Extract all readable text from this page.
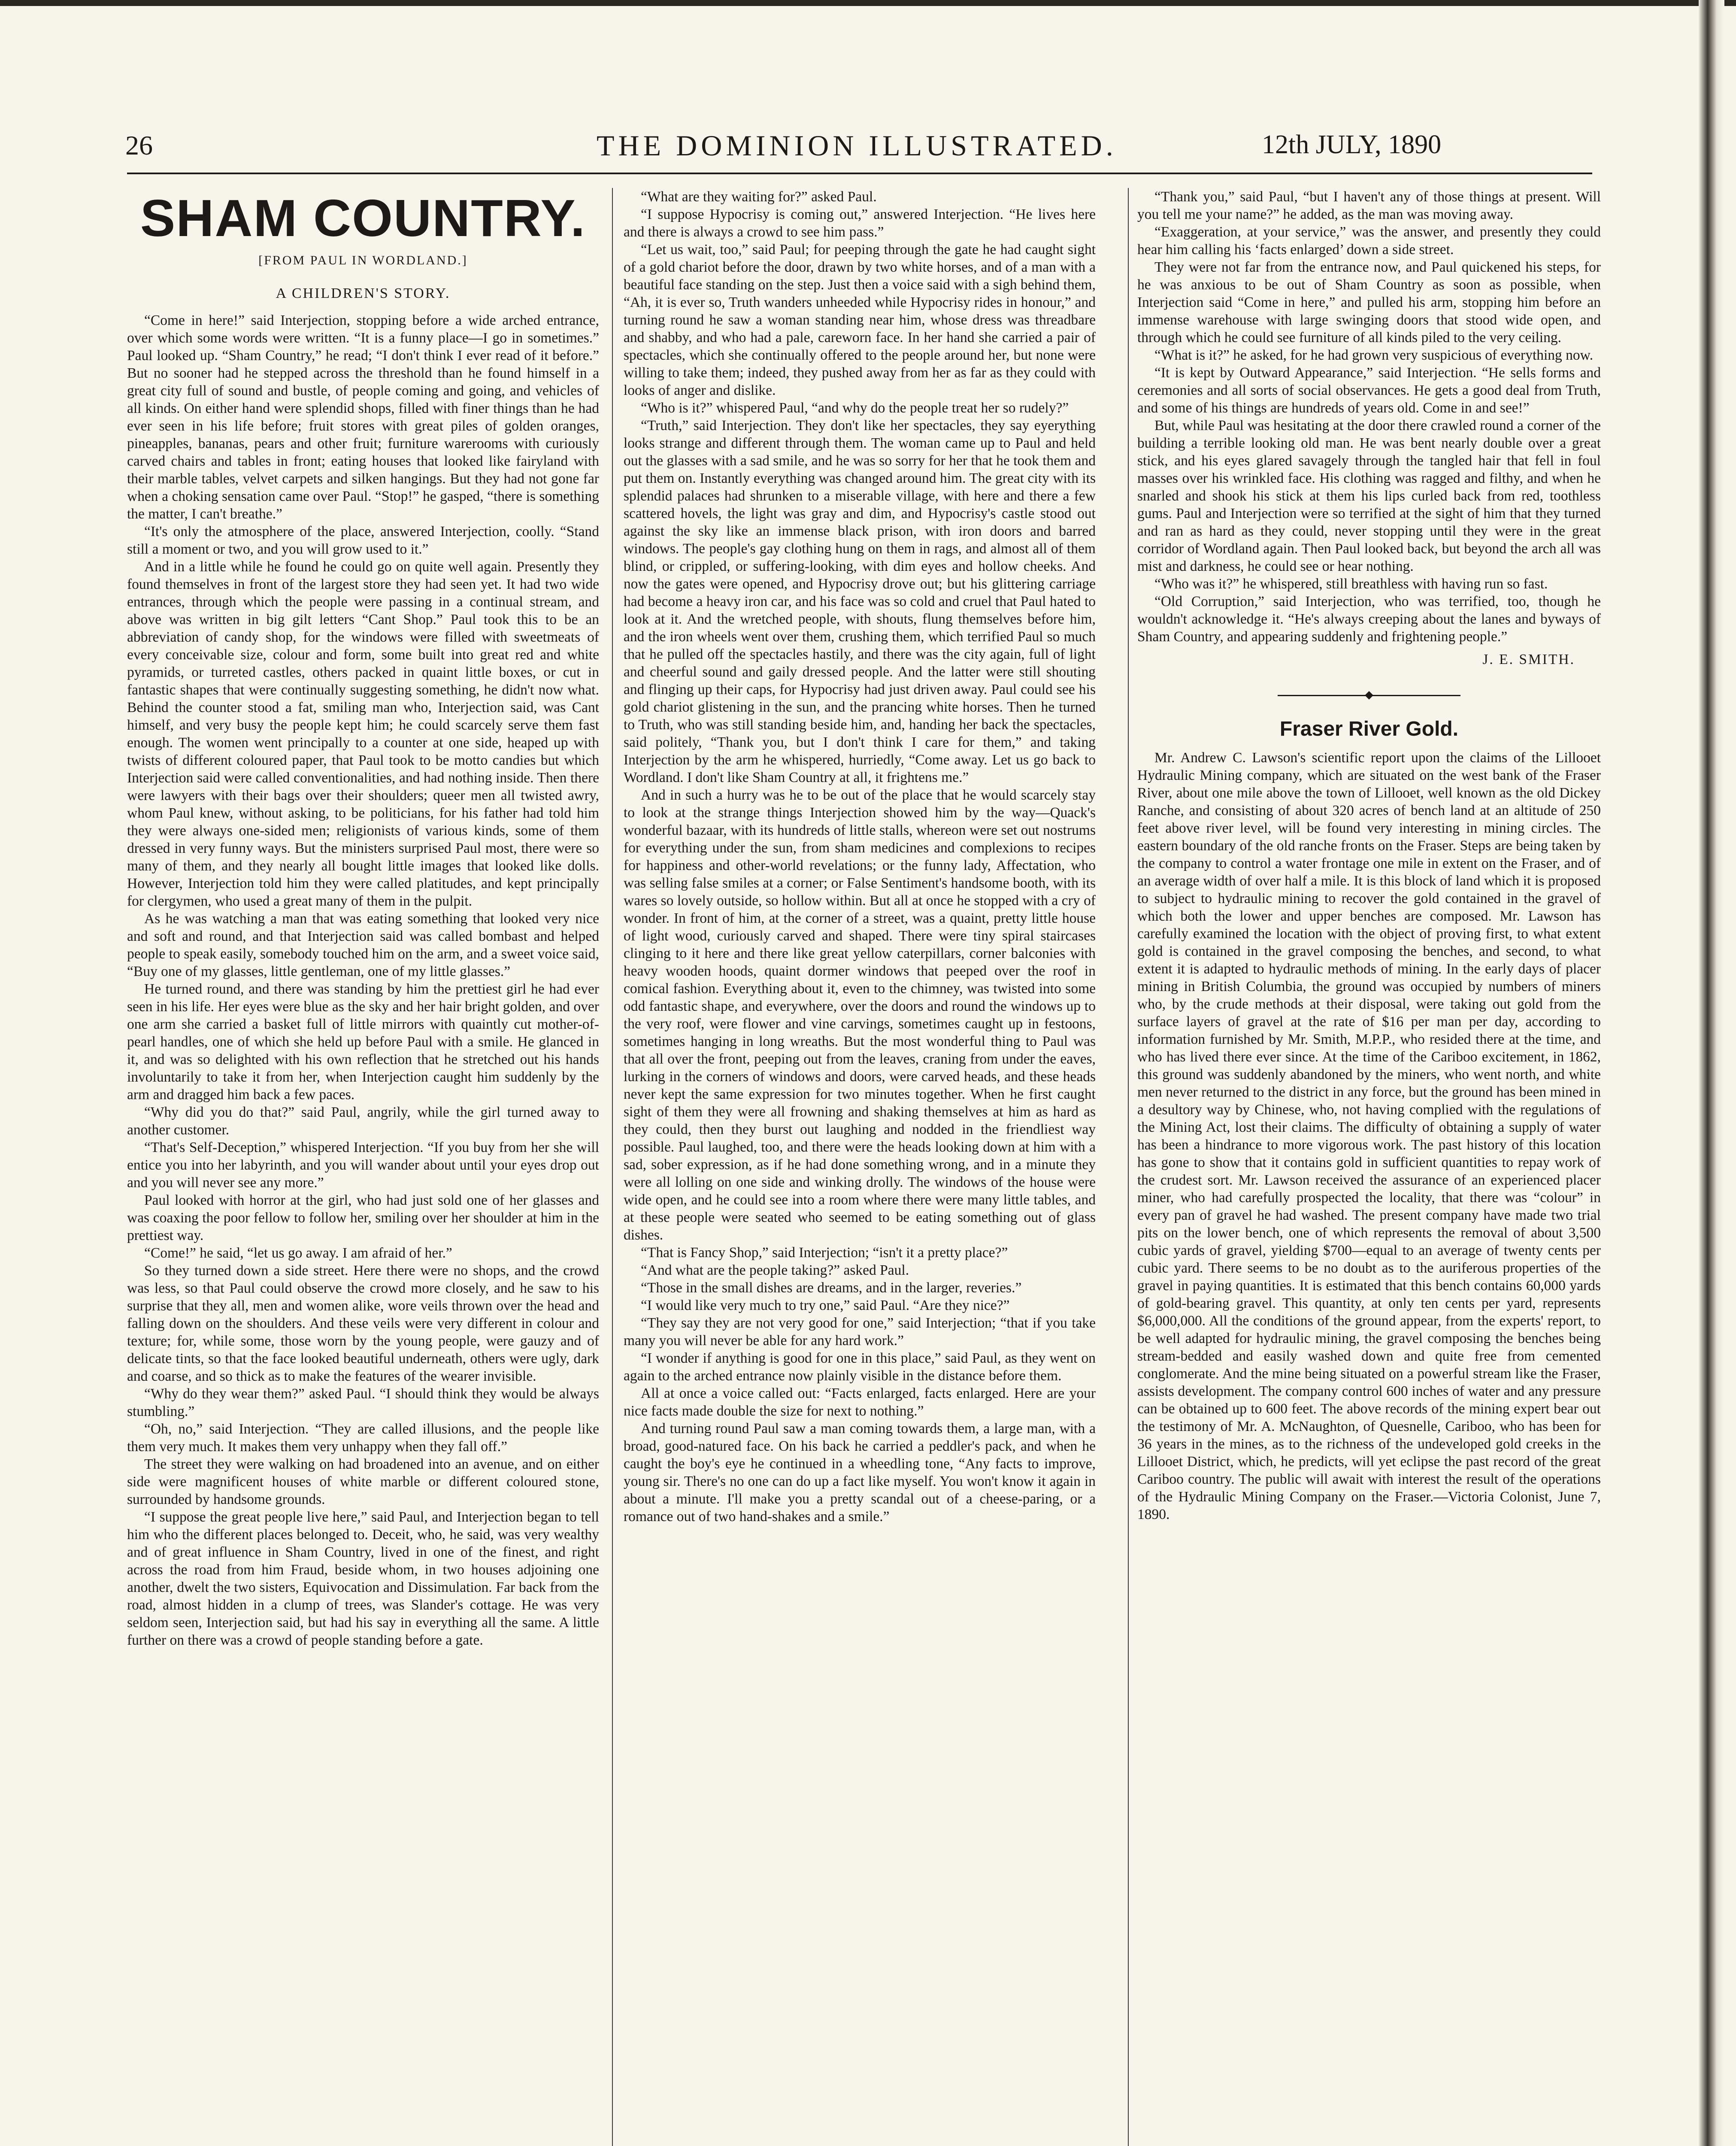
26	THE DOMINION ILLUSTRATED.	12th JULY, 1890
SHAM COUNTRY.
[FROM PAUL IN WORDLAND.]
A CHILDREN'S STORY.

“Come in here!” said Interjection, stopping before a wide arched entrance, over which some words were written. “It is a funny place—I go in sometimes.” Paul looked up. “Sham Country,” he read; “I don't think I ever read of it before.” But no sooner had he stepped across the threshold than he found himself in a great city full of sound and bustle, of people coming and going, and vehicles of all kinds. On either hand were splendid shops, filled with finer things than he had ever seen in his life before; fruit stores with great piles of golden oranges, pineapples, bananas, pears and other fruit; furniture warerooms with curiously carved chairs and tables in front; eating houses that looked like fairyland with their marble tables, velvet carpets and silken hangings. But they had not gone far when a choking sensation came over Paul. “Stop!” he gasped, “there is something the matter, I can't breathe.”

“It's only the atmosphere of the place, answered Interjection, coolly. “Stand still a moment or two, and you will grow used to it.”

And in a little while he found he could go on quite well again. Presently they found themselves in front of the largest store they had seen yet. It had two wide entrances, through which the people were passing in a continual stream, and above was written in big gilt letters “Cant Shop.” Paul took this to be an abbreviation of candy shop, for the windows were filled with sweetmeats of every conceivable size, colour and form, some built into great red and white pyramids, or turreted castles, others packed in quaint little boxes, or cut in fantastic shapes that were continually suggesting something, he didn't now what. Behind the counter stood a fat, smiling man who, Interjection said, was Cant himself, and very busy the people kept him; he could scarcely serve them fast enough. The women went principally to a counter at one side, heaped up with twists of different coloured paper, that Paul took to be motto candies but which Interjection said were called conventionalities, and had nothing inside. Then there were lawyers with their bags over their shoulders; queer men all twisted awry, whom Paul knew, without asking, to be politicians, for his father had told him they were always one-sided men; religionists of various kinds, some of them dressed in very funny ways. But the ministers surprised Paul most, there were so many of them, and they nearly all bought little images that looked like dolls. However, Interjection told him they were called platitudes, and kept principally for clergymen, who used a great many of them in the pulpit.

As he was watching a man that was eating something that looked very nice and soft and round, and that Interjection said was called bombast and helped people to speak easily, somebody touched him on the arm, and a sweet voice said, “Buy one of my glasses, little gentleman, one of my little glasses.”

He turned round, and there was standing by him the prettiest girl he had ever seen in his life. Her eyes were blue as the sky and her hair bright golden, and over one arm she carried a basket full of little mirrors with quaintly cut mother-of-pearl handles, one of which she held up before Paul with a smile. He glanced in it, and was so delighted with his own reflection that he stretched out his hands involuntarily to take it from her, when Interjection caught him suddenly by the arm and dragged him back a few paces.

“Why did you do that?” said Paul, angrily, while the girl turned away to another customer.

“That's Self-Deception,” whispered Interjection. “If you buy from her she will entice you into her labyrinth, and you will wander about until your eyes drop out and you will never see any more.”

Paul looked with horror at the girl, who had just sold one of her glasses and was coaxing the poor fellow to follow her, smiling over her shoulder at him in the prettiest way.

“Come!” he said, “let us go away. I am afraid of her.”

So they turned down a side street. Here there were no shops, and the crowd was less, so that Paul could observe the crowd more closely, and he saw to his surprise that they all, men and women alike, wore veils thrown over the head and falling down on the shoulders. And these veils were very different in colour and texture; for, while some, those worn by the young people, were gauzy and of delicate tints, so that the face looked beautiful underneath, others were ugly, dark and coarse, and so thick as to make the features of the wearer invisible.

“Why do they wear them?” asked Paul. “I should think they would be always stumbling.”

“Oh, no,” said Interjection. “They are called illusions, and the people like them very much. It makes them very unhappy when they fall off.”

The street they were walking on had broadened into an avenue, and on either side were magnificent houses of white marble or different coloured stone, surrounded by handsome grounds.

“I suppose the great people live here,” said Paul, and Interjection began to tell him who the different places belonged to. Deceit, who, he said, was very wealthy and of great influence in Sham Country, lived in one of the finest, and right across the road from him Fraud, beside whom, in two houses adjoining one another, dwelt the two sisters, Equivocation and Dissimulation. Far back from the road, almost hidden in a clump of trees, was Slander's cottage. He was very seldom seen, Interjection said, but had his say in everything all the same. A little further on there was a crowd of people standing before a gate.

“What are they waiting for?” asked Paul.

“I suppose Hypocrisy is coming out,” answered Interjection. “He lives here and there is always a crowd to see him pass.”

“Let us wait, too,” said Paul; for peeping through the gate he had caught sight of a gold chariot before the door, drawn by two white horses, and of a man with a beautiful face standing on the step. Just then a voice said with a sigh behind them, “Ah, it is ever so, Truth wanders unheeded while Hypocrisy rides in honour,” and turning round he saw a woman standing near him, whose dress was threadbare and shabby, and who had a pale, careworn face. In her hand she carried a pair of spectacles, which she continually offered to the people around her, but none were willing to take them; indeed, they pushed away from her as far as they could with looks of anger and dislike.

“Who is it?” whispered Paul, “and why do the people treat her so rudely?”

“Truth,” said Interjection. They don't like her spectacles, they say eyerything looks strange and different through them. The woman came up to Paul and held out the glasses with a sad smile, and he was so sorry for her that he took them and put them on. Instantly everything was changed around him. The great city with its splendid palaces had shrunken to a miserable village, with here and there a few scattered hovels, the light was gray and dim, and Hypocrisy's castle stood out against the sky like an immense black prison, with iron doors and barred windows. The people's gay clothing hung on them in rags, and almost all of them blind, or crippled, or suffering-looking, with dim eyes and hollow cheeks. And now the gates were opened, and Hypocrisy drove out; but his glittering carriage had become a heavy iron car, and his face was so cold and cruel that Paul hated to look at it. And the wretched people, with shouts, flung themselves before him, and the iron wheels went over them, crushing them, which terrified Paul so much that he pulled off the spectacles hastily, and there was the city again, full of light and cheerful sound and gaily dressed people. And the latter were still shouting and flinging up their caps, for Hypocrisy had just driven away. Paul could see his gold chariot glistening in the sun, and the prancing white horses. Then he turned to Truth, who was still standing beside him, and, handing her back the spectacles, said politely, “Thank you, but I don't think I care for them,” and taking Interjection by the arm he whispered, hurriedly, “Come away. Let us go back to Wordland. I don't like Sham Country at all, it frightens me.”

And in such a hurry was he to be out of the place that he would scarcely stay to look at the strange things Interjection showed him by the way—Quack's wonderful bazaar, with its hundreds of little stalls, whereon were set out nostrums for everything under the sun, from sham medicines and complexions to recipes for happiness and other-world revelations; or the funny lady, Affectation, who was selling false smiles at a corner; or False Sentiment's handsome booth, with its wares so lovely outside, so hollow within. But all at once he stopped with a cry of wonder. In front of him, at the corner of a street, was a quaint, pretty little house of light wood, curiously carved and shaped. There were tiny spiral staircases clinging to it here and there like great yellow caterpillars, corner balconies with heavy wooden hoods, quaint dormer windows that peeped over the roof in comical fashion. Everything about it, even to the chimney, was twisted into some odd fantastic shape, and everywhere, over the doors and round the windows up to the very roof, were flower and vine carvings, sometimes caught up in festoons, sometimes hanging in long wreaths. But the most wonderful thing to Paul was that all over the front, peeping out from the leaves, craning from under the eaves, lurking in the corners of windows and doors, were carved heads, and these heads never kept the same expression for two minutes together. When he first caught sight of them they were all frowning and shaking themselves at him as hard as they could, then they burst out laughing and nodded in the friendliest way possible. Paul laughed, too, and there were the heads looking down at him with a sad, sober expression, as if he had done something wrong, and in a minute they were all lolling on one side and winking drolly. The windows of the house were wide open, and he could see into a room where there were many little tables, and at these people were seated who seemed to be eating something out of glass dishes.

“That is Fancy Shop,” said Interjection; “isn't it a pretty place?”

“And what are the people taking?” asked Paul.

“Those in the small dishes are dreams, and in the larger, reveries.”

“I would like very much to try one,” said Paul. “Are they nice?”

“They say they are not very good for one,” said Interjection; “that if you take many you will never be able for any hard work.”

“I wonder if anything is good for one in this place,” said Paul, as they went on again to the arched entrance now plainly visible in the distance before them.

All at once a voice called out: “Facts enlarged, facts enlarged. Here are your nice facts made double the size for next to nothing.”

And turning round Paul saw a man coming towards them, a large man, with a broad, good-natured face. On his back he carried a peddler's pack, and when he caught the boy's eye he continued in a wheedling tone, “Any facts to improve, young sir. There's no one can do up a fact like myself. You won't know it again in about a minute. I'll make you a pretty scandal out of a cheese-paring, or a romance out of two hand-shakes and a smile.”

“Thank you,” said Paul, “but I haven't any of those things at present. Will you tell me your name?” he added, as the man was moving away.

“Exaggeration, at your service,” was the answer, and presently they could hear him calling his ‘facts enlarged’ down a side street.

They were not far from the entrance now, and Paul quickened his steps, for he was anxious to be out of Sham Country as soon as possible, when Interjection said “Come in here,” and pulled his arm, stopping him before an immense warehouse with large swinging doors that stood wide open, and through which he could see furniture of all kinds piled to the very ceiling.

“What is it?” he asked, for he had grown very suspicious of everything now.

“It is kept by Outward Appearance,” said Interjection. “He sells forms and ceremonies and all sorts of social observances. He gets a good deal from Truth, and some of his things are hundreds of years old. Come in and see!”

But, while Paul was hesitating at the door there crawled round a corner of the building a terrible looking old man. He was bent nearly double over a great stick, and his eyes glared savagely through the tangled hair that fell in foul masses over his wrinkled face. His clothing was ragged and filthy, and when he snarled and shook his stick at them his lips curled back from red, toothless gums. Paul and Interjection were so terrified at the sight of him that they turned and ran as hard as they could, never stopping until they were in the great corridor of Wordland again. Then Paul looked back, but beyond the arch all was mist and darkness, he could see or hear nothing.

“Who was it?” he whispered, still breathless with having run so fast.

“Old Corruption,” said Interjection, who was terrified, too, though he wouldn't acknowledge it. “He's always creeping about the lanes and byways of Sham Country, and appearing suddenly and frightening people.”

J. E. SMITH.
Fraser River Gold.

Mr. Andrew C. Lawson's scientific report upon the claims of the Lillooet Hydraulic Mining company, which are situated on the west bank of the Fraser River, about one mile above the town of Lillooet, well known as the old Dickey Ranche, and consisting of about 320 acres of bench land at an altitude of 250 feet above river level, will be found very interesting in mining circles. The eastern boundary of the old ranche fronts on the Fraser. Steps are being taken by the company to control a water frontage one mile in extent on the Fraser, and of an average width of over half a mile. It is this block of land which it is proposed to subject to hydraulic mining to recover the gold contained in the gravel of which both the lower and upper benches are composed. Mr. Lawson has carefully examined the location with the object of proving first, to what extent gold is contained in the gravel composing the benches, and second, to what extent it is adapted to hydraulic methods of mining. In the early days of placer mining in British Columbia, the ground was occupied by numbers of miners who, by the crude methods at their disposal, were taking out gold from the surface layers of gravel at the rate of $16 per man per day, according to information furnished by Mr. Smith, M.P.P., who resided there at the time, and who has lived there ever since. At the time of the Cariboo excitement, in 1862, this ground was suddenly abandoned by the miners, who went north, and white men never returned to the district in any force, but the ground has been mined in a desultory way by Chinese, who, not having complied with the regulations of the Mining Act, lost their claims. The difficulty of obtaining a supply of water has been a hindrance to more vigorous work. The past history of this location has gone to show that it contains gold in sufficient quantities to repay work of the crudest sort. Mr. Lawson received the assurance of an experienced placer miner, who had carefully prospected the locality, that there was “colour” in every pan of gravel he had washed. The present company have made two trial pits on the lower bench, one of which represents the removal of about 3,500 cubic yards of gravel, yielding $700—equal to an average of twenty cents per cubic yard. There seems to be no doubt as to the auriferous properties of the gravel in paying quantities. It is estimated that this bench contains 60,000 yards of gold-bearing gravel. This quantity, at only ten cents per yard, represents $6,000,000. All the conditions of the ground appear, from the experts' report, to be well adapted for hydraulic mining, the gravel composing the benches being stream-bedded and easily washed down and quite free from cemented conglomerate. And the mine being situated on a powerful stream like the Fraser, assists development. The company control 600 inches of water and any pressure can be obtained up to 600 feet. The above records of the mining expert bear out the testimony of Mr. A. McNaughton, of Quesnelle, Cariboo, who has been for 36 years in the mines, as to the richness of the undeveloped gold creeks in the Lillooet District, which, he predicts, will yet eclipse the past record of the great Cariboo country. The public will await with interest the result of the operations of the Hydraulic Mining Company on the Fraser.—Victoria Colonist, June 7, 1890.
